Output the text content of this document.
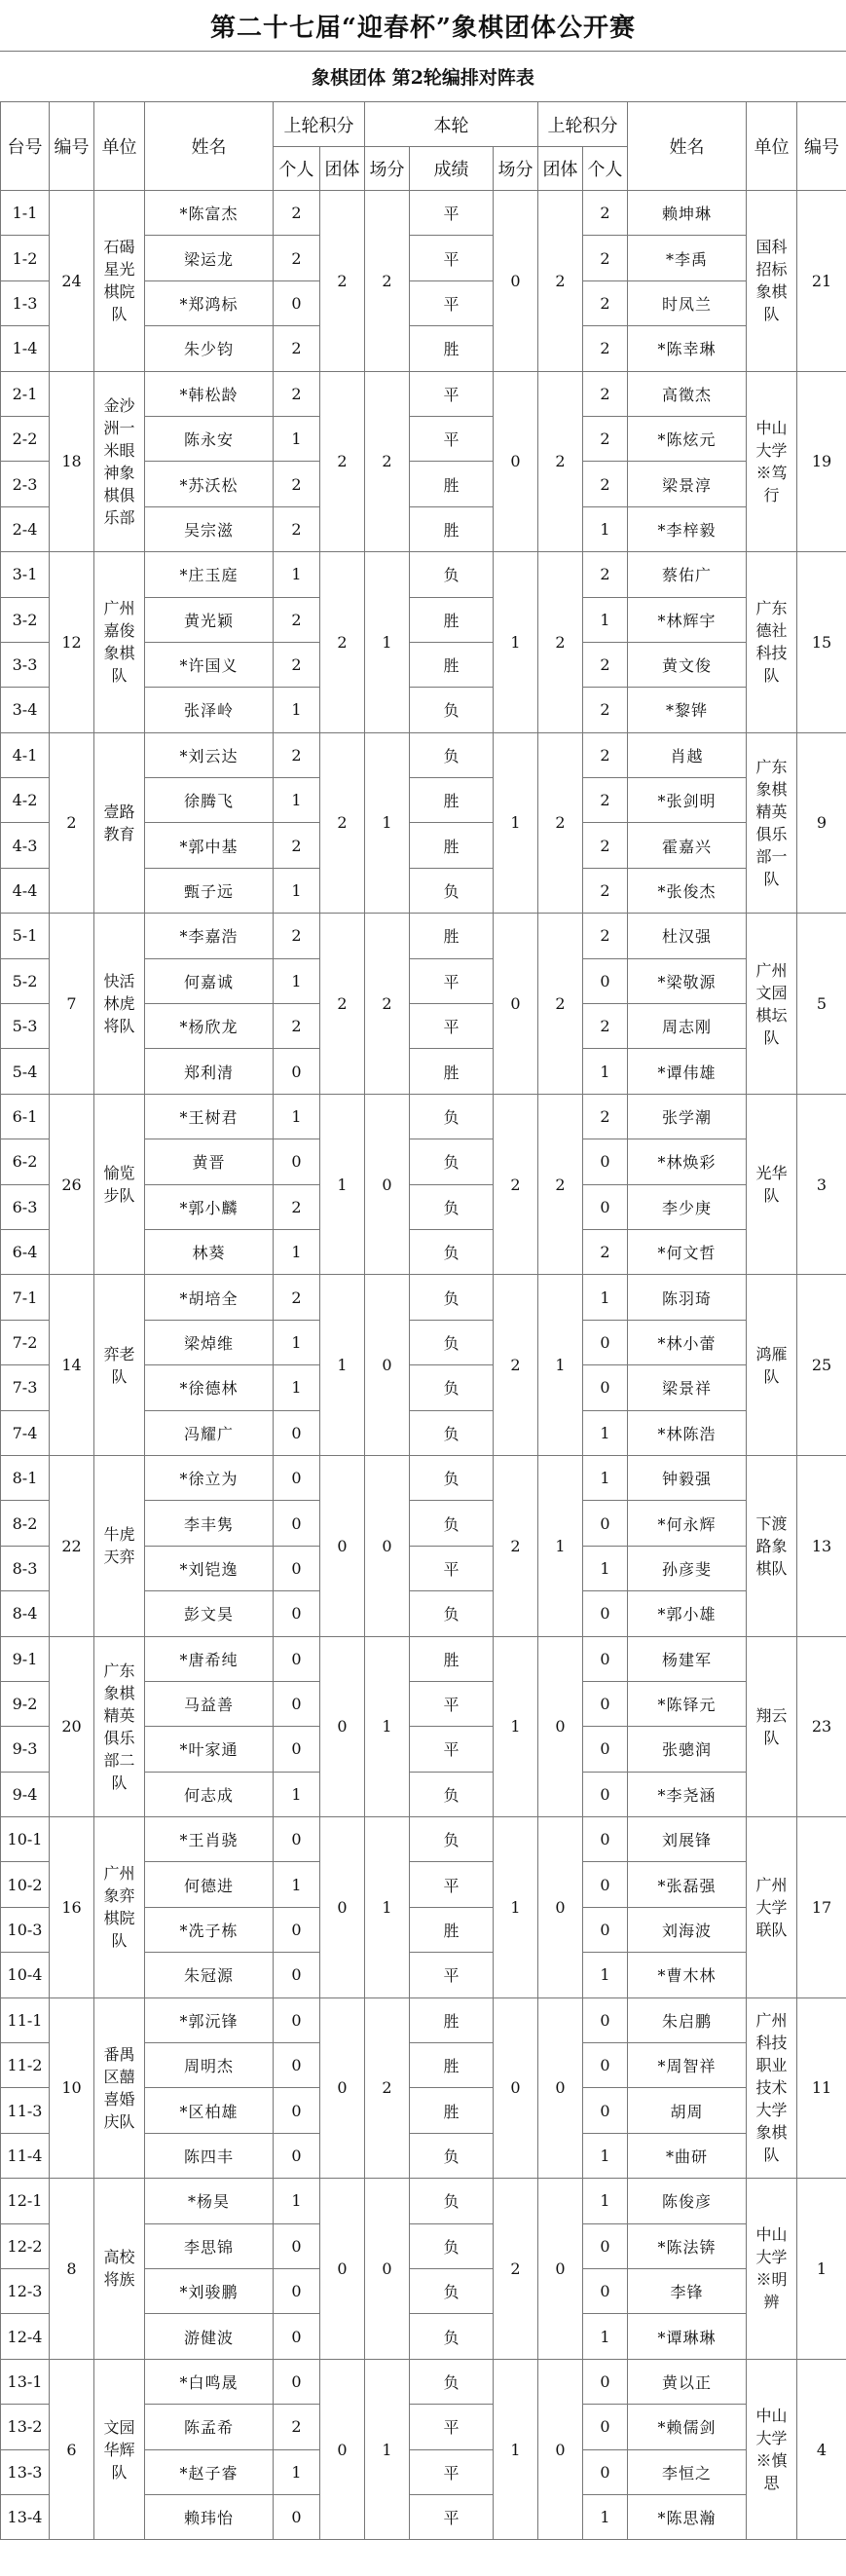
第二十七届“迎春杯”象棋团体公开赛
象棋团体 第2轮编排对阵表
台号	编号	单位	姓名	上轮积分		本轮			上轮积分		姓名	单位	编号
				个人	团体	场分	成绩	场分	团体	个人			
1-1	24	石碣星光棋院队	*陈富杰	2	2	2	平	0	2	2	赖坤琳	国科招标象棋队	21
1-2			梁运龙	2			平			2	*李禹		
1-3			*郑鸿标	0			平			2	时凤兰		
1-4			朱少钧	2			胜			2	*陈幸琳		
2-1	18	金沙洲一米眼神象棋俱乐部	*韩松龄	2	2	2	平	0	2	2	高徵杰	中山大学※笃行	19
2-2			陈永安	1			平			2	*陈炫元		
2-3			*苏沃松	2			胜			2	梁景淳		
2-4			吴宗滋	2			胜			1	*李梓毅		
3-1	12	广州嘉俊象棋队	*庄玉庭	1	2	1	负	1	2	2	蔡佑广	广东德社科技队	15
3-2			黄光颖	2			胜			1	*林辉宇		
3-3			*许国义	2			胜			2	黄文俊		
3-4			张泽岭	1			负			2	*黎铧		
4-1	2	壹路教育	*刘云达	2	2	1	负	1	2	2	肖越	广东象棋精英俱乐部一队	9
4-2			徐腾飞	1			胜			2	*张剑明		
4-3			*郭中基	2			胜			2	霍嘉兴		
4-4			甄子远	1			负			2	*张俊杰		
5-1	7	快活林虎将队	*李嘉浩	2	2	2	胜	0	2	2	杜汉强	广州文园棋坛队	5
5-2			何嘉诚	1			平			0	*梁敬源		
5-3			*杨欣龙	2			平			2	周志刚		
5-4			郑利清	0			胜			1	*谭伟雄		
6-1	26	愉览步队	*王树君	1	1	0	负	2	2	2	张学潮	光华队	3
6-2			黄晋	0			负			0	*林焕彩		
6-3			*郭小麟	2			负			0	李少庚		
6-4			林葵	1			负			2	*何文哲		
7-1	14	弈老队	*胡培全	2	1	0	负	2	1	1	陈羽琦	鸿雁队	25
7-2			梁焯维	1			负			0	*林小蕾		
7-3			*徐德林	1			负			0	梁景祥		
7-4			冯耀广	0			负			1	*林陈浩		
8-1	22	牛虎天弈	*徐立为	0	0	0	负	2	1	1	钟毅强	下渡路象棋队	13
8-2			李丰隽	0			负			0	*何永辉		
8-3			*刘铠逸	0			平			1	孙彦斐		
8-4			彭文昊	0			负			0	*郭小雄		
9-1	20	广东象棋精英俱乐部二队	*唐希纯	0	0	1	胜	1	0	0	杨建军	翔云队	23
9-2			马益善	0			平			0	*陈铎元		
9-3			*叶家通	0			平			0	张骢润		
9-4			何志成	1			负			0	*李尧涵		
10-1	16	广州象弈棋院队	*王肖骁	0	0	1	负	1	0	0	刘展锋	广州大学联队	17
10-2			何德进	1			平			0	*张磊强		
10-3			*冼子栋	0			胜			0	刘海波		
10-4			朱冠源	0			平			1	*曹木林		
11-1	10	番禺区囍喜婚庆队	*郭沅锋	0	0	2	胜	0	0	0	朱启鹏	广州科技职业技术大学象棋队	11
11-2			周明杰	0			胜			0	*周智祥		
11-3			*区柏雄	0			胜			0	胡周		
11-4			陈四丰	0			负			1	*曲研		
12-1	8	高校将族	*杨昊	1	0	0	负	2	0	1	陈俊彦	中山大学※明辨	1
12-2			李思锦	0			负			0	*陈法锛		
12-3			*刘骏鹏	0			负			0	李锋		
12-4			游健波	0			负			1	*谭琳琳		
13-1	6	文园华辉队	*白鸣晟	0	0	1	负	1	0	0	黄以正	中山大学※慎思	4
13-2			陈孟希	2			平			0	*赖儒剑		
13-3			*赵子睿	1			平			0	李恒之		
13-4			赖玮怡	0			平			1	*陈思瀚		
